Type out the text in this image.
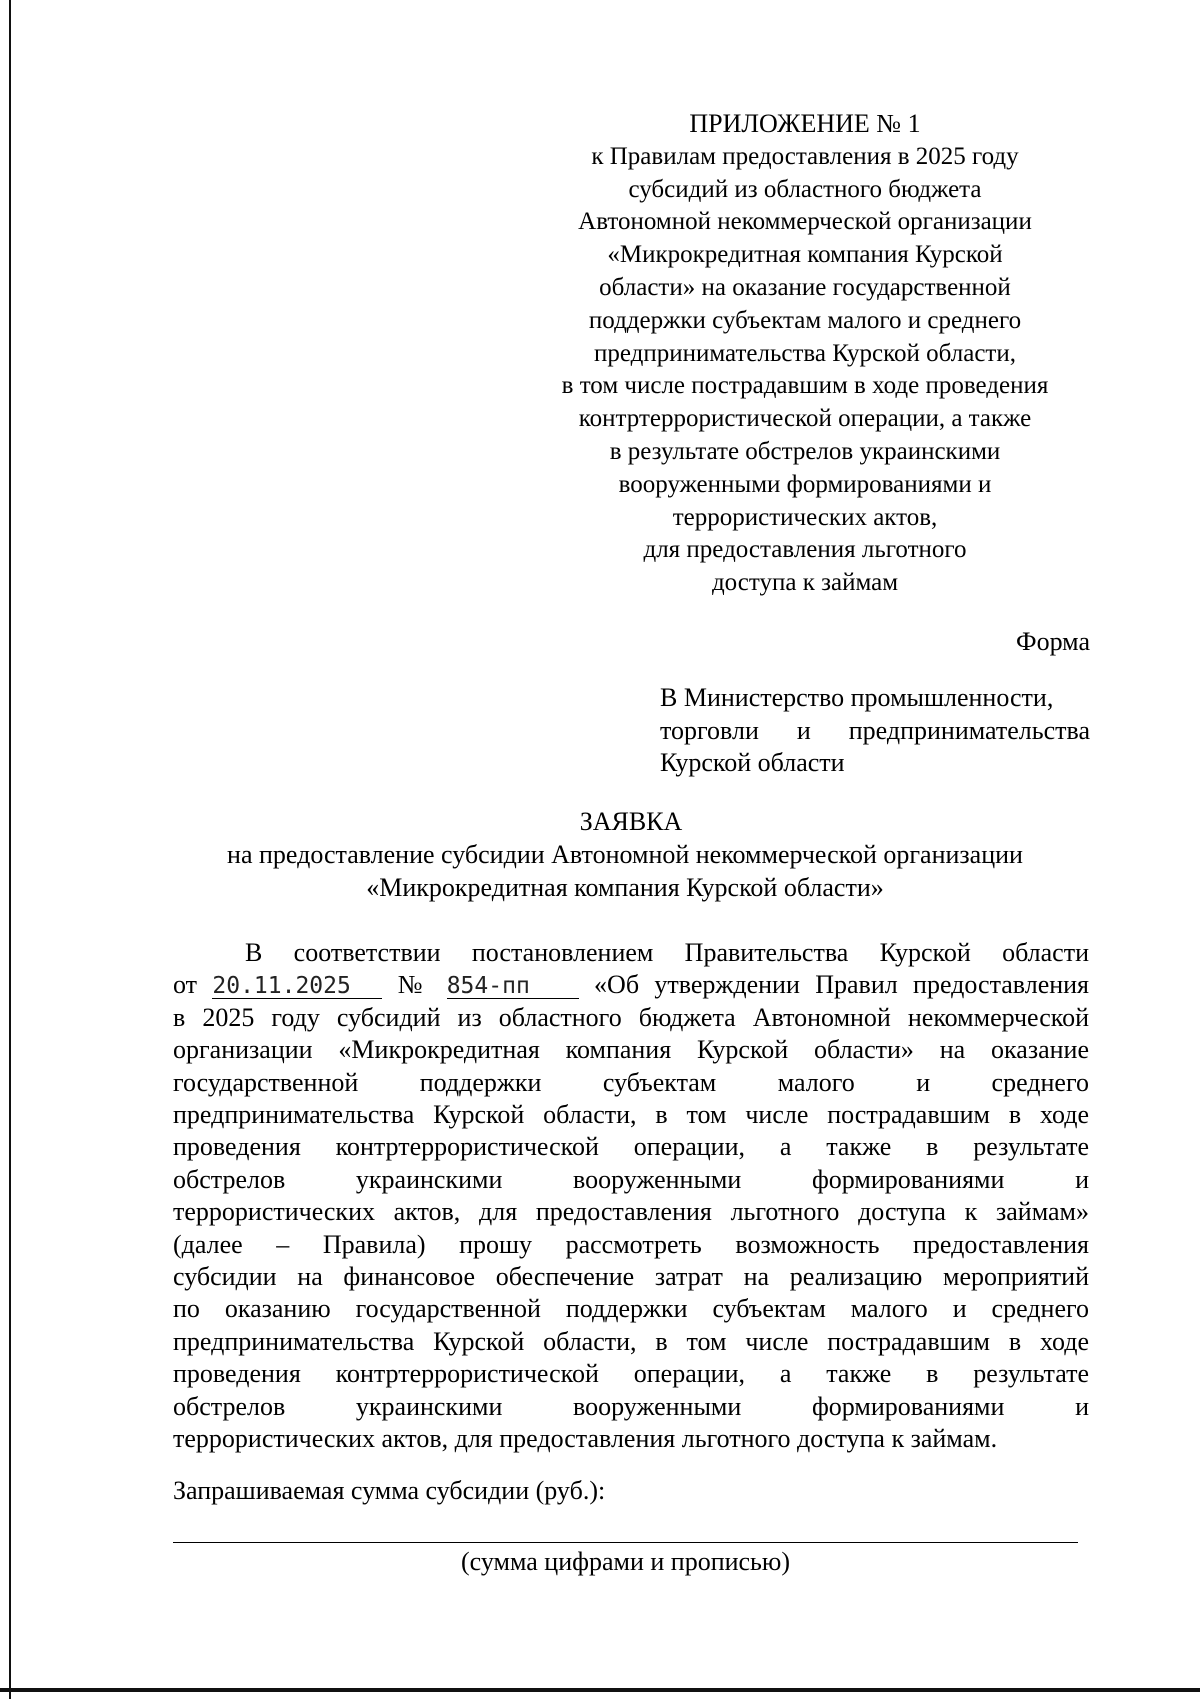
ПРИЛОЖЕНИЕ № 1
к Правилам предоставления в 2025 году
субсидий из областного бюджета
Автономной некоммерческой организации
«Микрокредитная компания Курской
области» на оказание государственной
поддержки субъектам малого и среднего
предпринимательства Курской области,
в том числе пострадавшим в ходе проведения
контртеррористической операции, а также
в результате обстрелов украинскими
вооруженными формированиями и
террористических актов,
для предоставления льготного
доступа к займам
Форма
В Министерство промышленности,
торговли и предпринимательства
Курской области
ЗАЯВКА
на предоставление субсидии Автономной некоммерческой организации
«Микрокредитная компания Курской области»
В соответствии постановлением Правительства Курской области
от 20.11.2025 № 854-пп «Об утверждении Правил предоставления
в 2025 году субсидий из областного бюджета Автономной некоммерческой
организации «Микрокредитная компания Курской области» на оказание
государственной поддержки субъектам малого и среднего
предпринимательства Курской области, в том числе пострадавшим в ходе
проведения контртеррористической операции, а также в результате
обстрелов украинскими вооруженными формированиями и
террористических актов, для предоставления льготного доступа к займам»
(далее – Правила) прошу рассмотреть возможность предоставления
субсидии на финансовое обеспечение затрат на реализацию мероприятий
по оказанию государственной поддержки субъектам малого и среднего
предпринимательства Курской области, в том числе пострадавшим в ходе
проведения контртеррористической операции, а также в результате
обстрелов украинскими вооруженными формированиями и
террористических актов, для предоставления льготного доступа к займам.
Запрашиваемая сумма субсидии (руб.):
(сумма цифрами и прописью)
